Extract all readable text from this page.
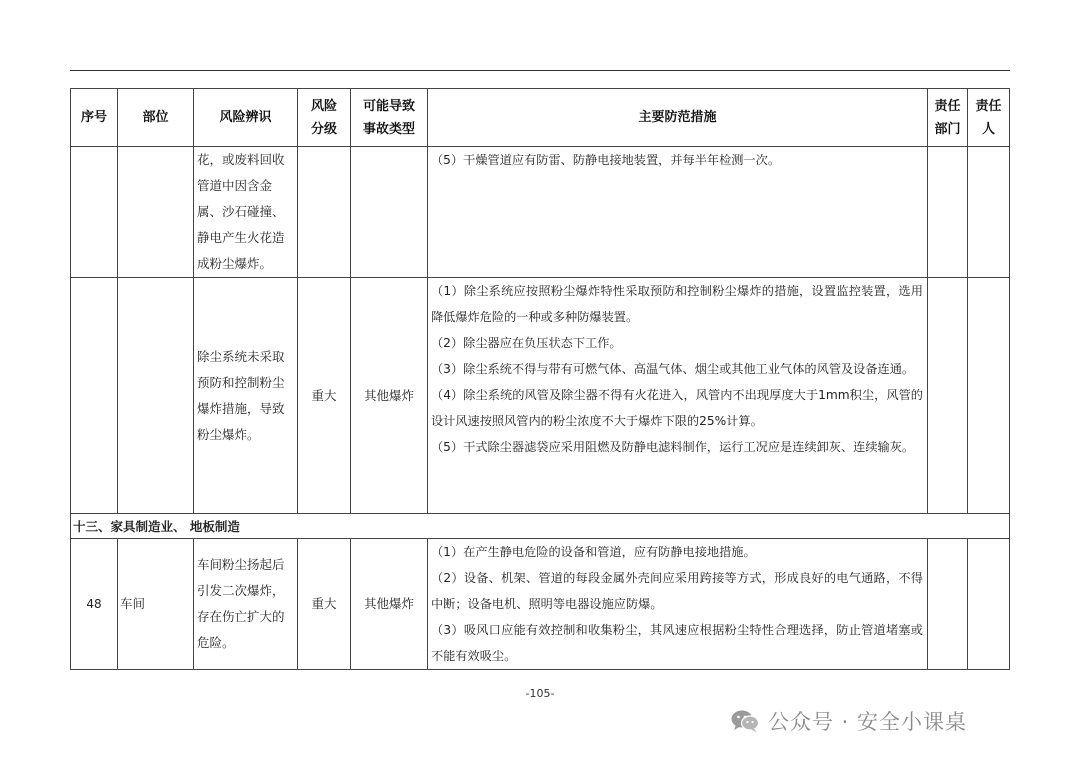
序号	部位	风险辨识	风险分级	可能导致事故类型	主要防范措施	责任部门	责任人
		花，或废料回收管道中因含金属、沙石碰撞、静电产生火花造成粉尘爆炸。			（5）干燥管道应有防雷、防静电接地装置，并每半年检测一次。		

		除尘系统未采取预防和控制粉尘爆炸措施，导致粉尘爆炸。	重大	其他爆炸	（1）除尘系统应按照粉尘爆炸特性采取预防和控制粉尘爆炸的措施，设置监控装置，选用降低爆炸危险的一种或多种防爆装置。
（2）除尘器应在负压状态下工作。
（3）除尘系统不得与带有可燃气体、高温气体、烟尘或其他工业气体的风管及设备连通。
（4）除尘系统的风管及除尘器不得有火花进入，风管内不出现厚度大于1mm积尘，风管的设计风速按照风管内的粉尘浓度不大于爆炸下限的25%计算。
（5）干式除尘器滤袋应采用阻燃及防静电滤料制作，运行工况应是连续卸灰、连续输灰。		

十三、家具制造业、 地板制造							
48	车间	车间粉尘扬起后引发二次爆炸，存在伤亡扩大的危险。	重大	其他爆炸	（1）在产生静电危险的设备和管道，应有防静电接地措施。
（2）设备、机架、管道的每段金属外壳间应采用跨接等方式，形成良好的电气通路，不得中断；设备电机、照明等电器设施应防爆。
（3）吸风口应能有效控制和收集粉尘，其风速应根据粉尘特性合理选择，防止管道堵塞或不能有效吸尘。		

-105-
公众号 · 安全小课桌
